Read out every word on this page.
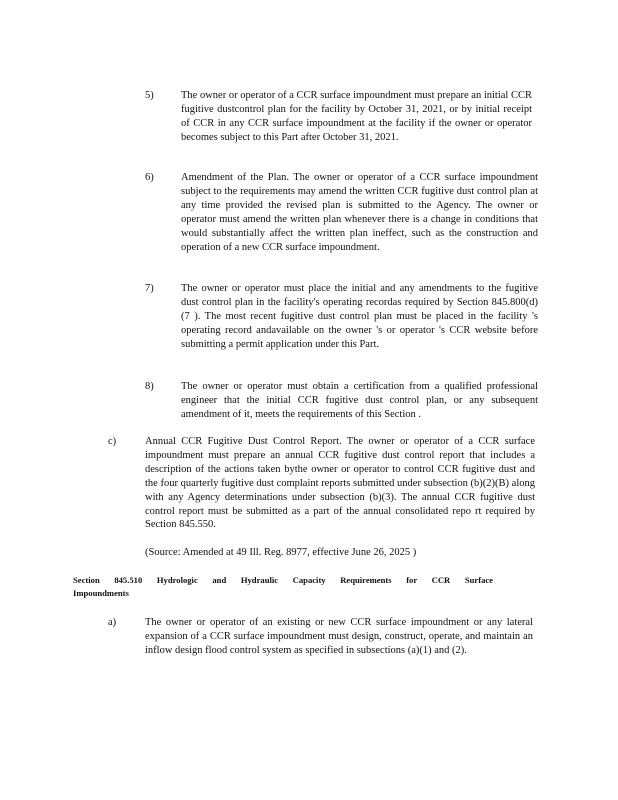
5)	The owner or operator of a CCR surface impoundment must prepare an initial CCR fugitive dustcontrol plan for the facility by October 31, 2021, or by initial receipt of CCR in any CCR surface impoundment at the facility if the owner or operator becomes subject to this Part after October 31, 2021.
6)	Amendment of the Plan. The owner or operator of a CCR surface impoundment subject to the requirements may amend the written CCR fugitive dust control plan at any time provided the revised plan is submitted to the Agency. The owner or operator must amend the written plan whenever there is a change in conditions that would substantially affect the written plan ineffect, such as the construction and operation of a new CCR surface impoundment.
7)	The owner or operator must place the initial and any amendments to the fugitive dust control plan in the facility's operating recordas required by Section 845.800(d)(7 ). The most recent fugitive dust control plan must be placed in the facility 's operating record andavailable on the owner 's or operator 's CCR website before submitting a permit application under this Part.
8)	The owner or operator must obtain a certification from a qualified professional engineer that the initial CCR fugitive dust control plan, or any subsequent amendment of it, meets the requirements of this Section .
c)	Annual CCR Fugitive Dust Control Report. The owner or operator of a CCR surface impoundment must prepare an annual CCR fugitive dust control report that includes a description of the actions taken bythe owner or operator to control CCR fugitive dust and the four quarterly fugitive dust complaint reports submitted under subsection (b)(2)(B) along with any Agency determinations under subsection (b)(3). The annual CCR fugitive dust control report must be submitted as a part of the annual consolidated repo rt required by Section 845.550.
(Source: Amended at 49 Ill. Reg. 8977, effective June 26, 2025 )
Section 845.510 Hydrologic and Hydraulic Capacity Requirements for CCR Surface
Impoundments
a)	The owner or operator of an existing or new CCR surface impoundment or any lateral expansion of a CCR surface impoundment must design, construct, operate, and maintain an inflow design flood control system as specified in subsections (a)(1) and (2).
